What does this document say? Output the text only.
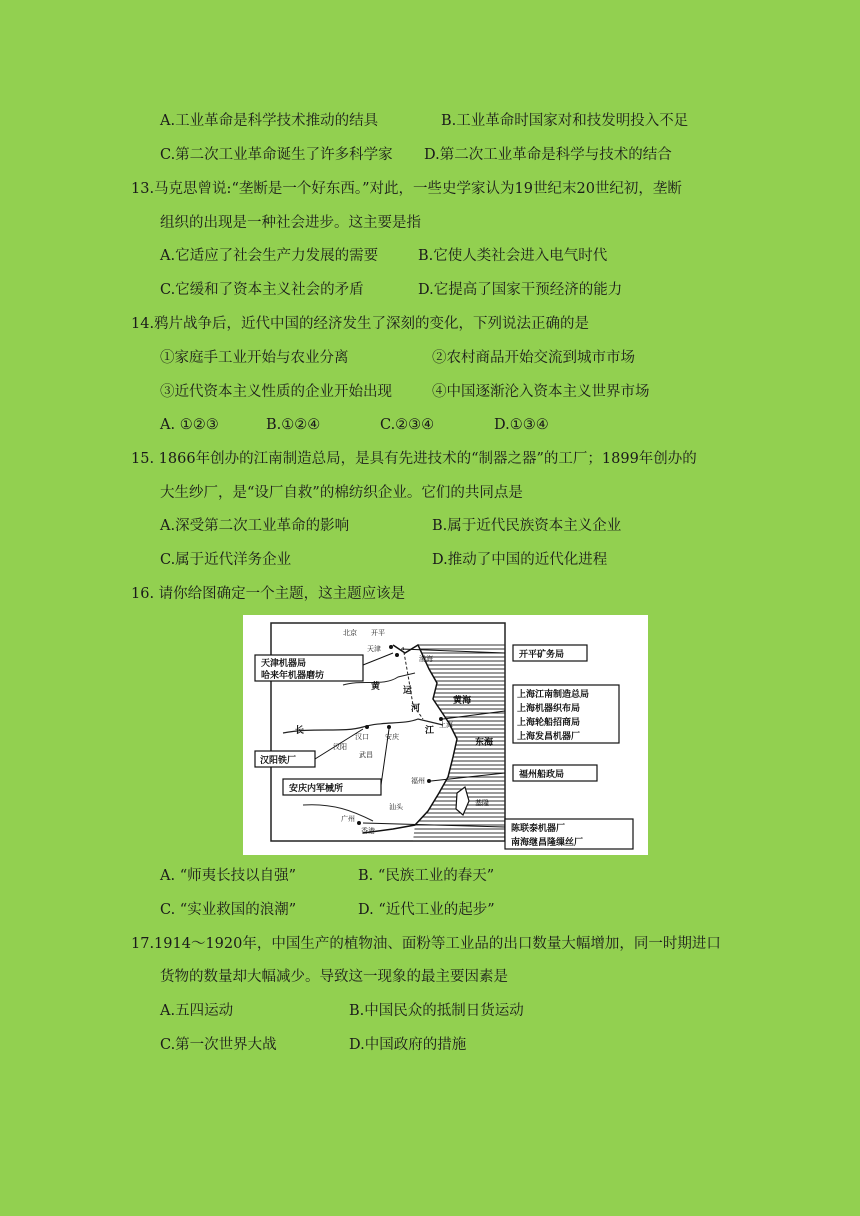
A.工业革命是科学技术推动的结具	B.工业革命时国家对和技发明投入不足
C.第二次工业革命诞生了许多科学家 D.第二次工业革命是科学与技术的结合
13.马克思曾说:“垄断是一个好东西。”对此，一些史学家认为19世纪末20世纪初，垄断
组织的出现是一种社会进步。这主要是指
A.它适应了社会生产力发展的需要	B.它使人类社会进入电气时代
C.它缓和了资本主义社会的矛盾	D.它提高了国家干预经济的能力
14.鸦片战争后，近代中国的经济发生了深刻的变化，下列说法正确的是
①家庭手工业开始与农业分离	②农村商品开始交流到城市市场
③近代资本主义性质的企业开始出现	④中国逐渐沦入资本主义世界市场
A. ①②③	B.①②④	C.②③④	D.①③④
15. 1866年创办的江南制造总局，是具有先进技术的“制器之器”的工厂；1899年创办的
大生纱厂，是“设厂自救”的棉纺织企业。它们的共同点是
A.深受第二次工业革命的影响	B.属于近代民族资本主义企业
C.属于近代洋务企业	D.推动了中国的近代化进程
16. 请你给图确定一个主题，这主题应该是
北京 开平
天津
渤海
黄	运
河
黄海
长	江
汉口 安庆
汉阳
武昌
上海
东海
福州
汕头
广州
香港
基隆
天津机器局
哈来年机器磨坊
汉阳铁厂
安庆内军械所
开平矿务局
上海江南制造总局
上海机器织布局
上海轮船招商局
上海发昌机器厂
福州船政局
陈联泰机器厂
南海继昌隆缫丝厂
A. “师夷长技以自强”	B. “民族工业的春天”
C. “实业救国的浪潮”	D. “近代工业的起步”
17.1914～1920年，中国生产的植物油、面粉等工业品的出口数量大幅增加，同一时期进口
货物的数量却大幅减少。导致这一现象的最主要因素是
A.五四运动	B.中国民众的抵制日货运动
C.第一次世界大战	D.中国政府的措施
